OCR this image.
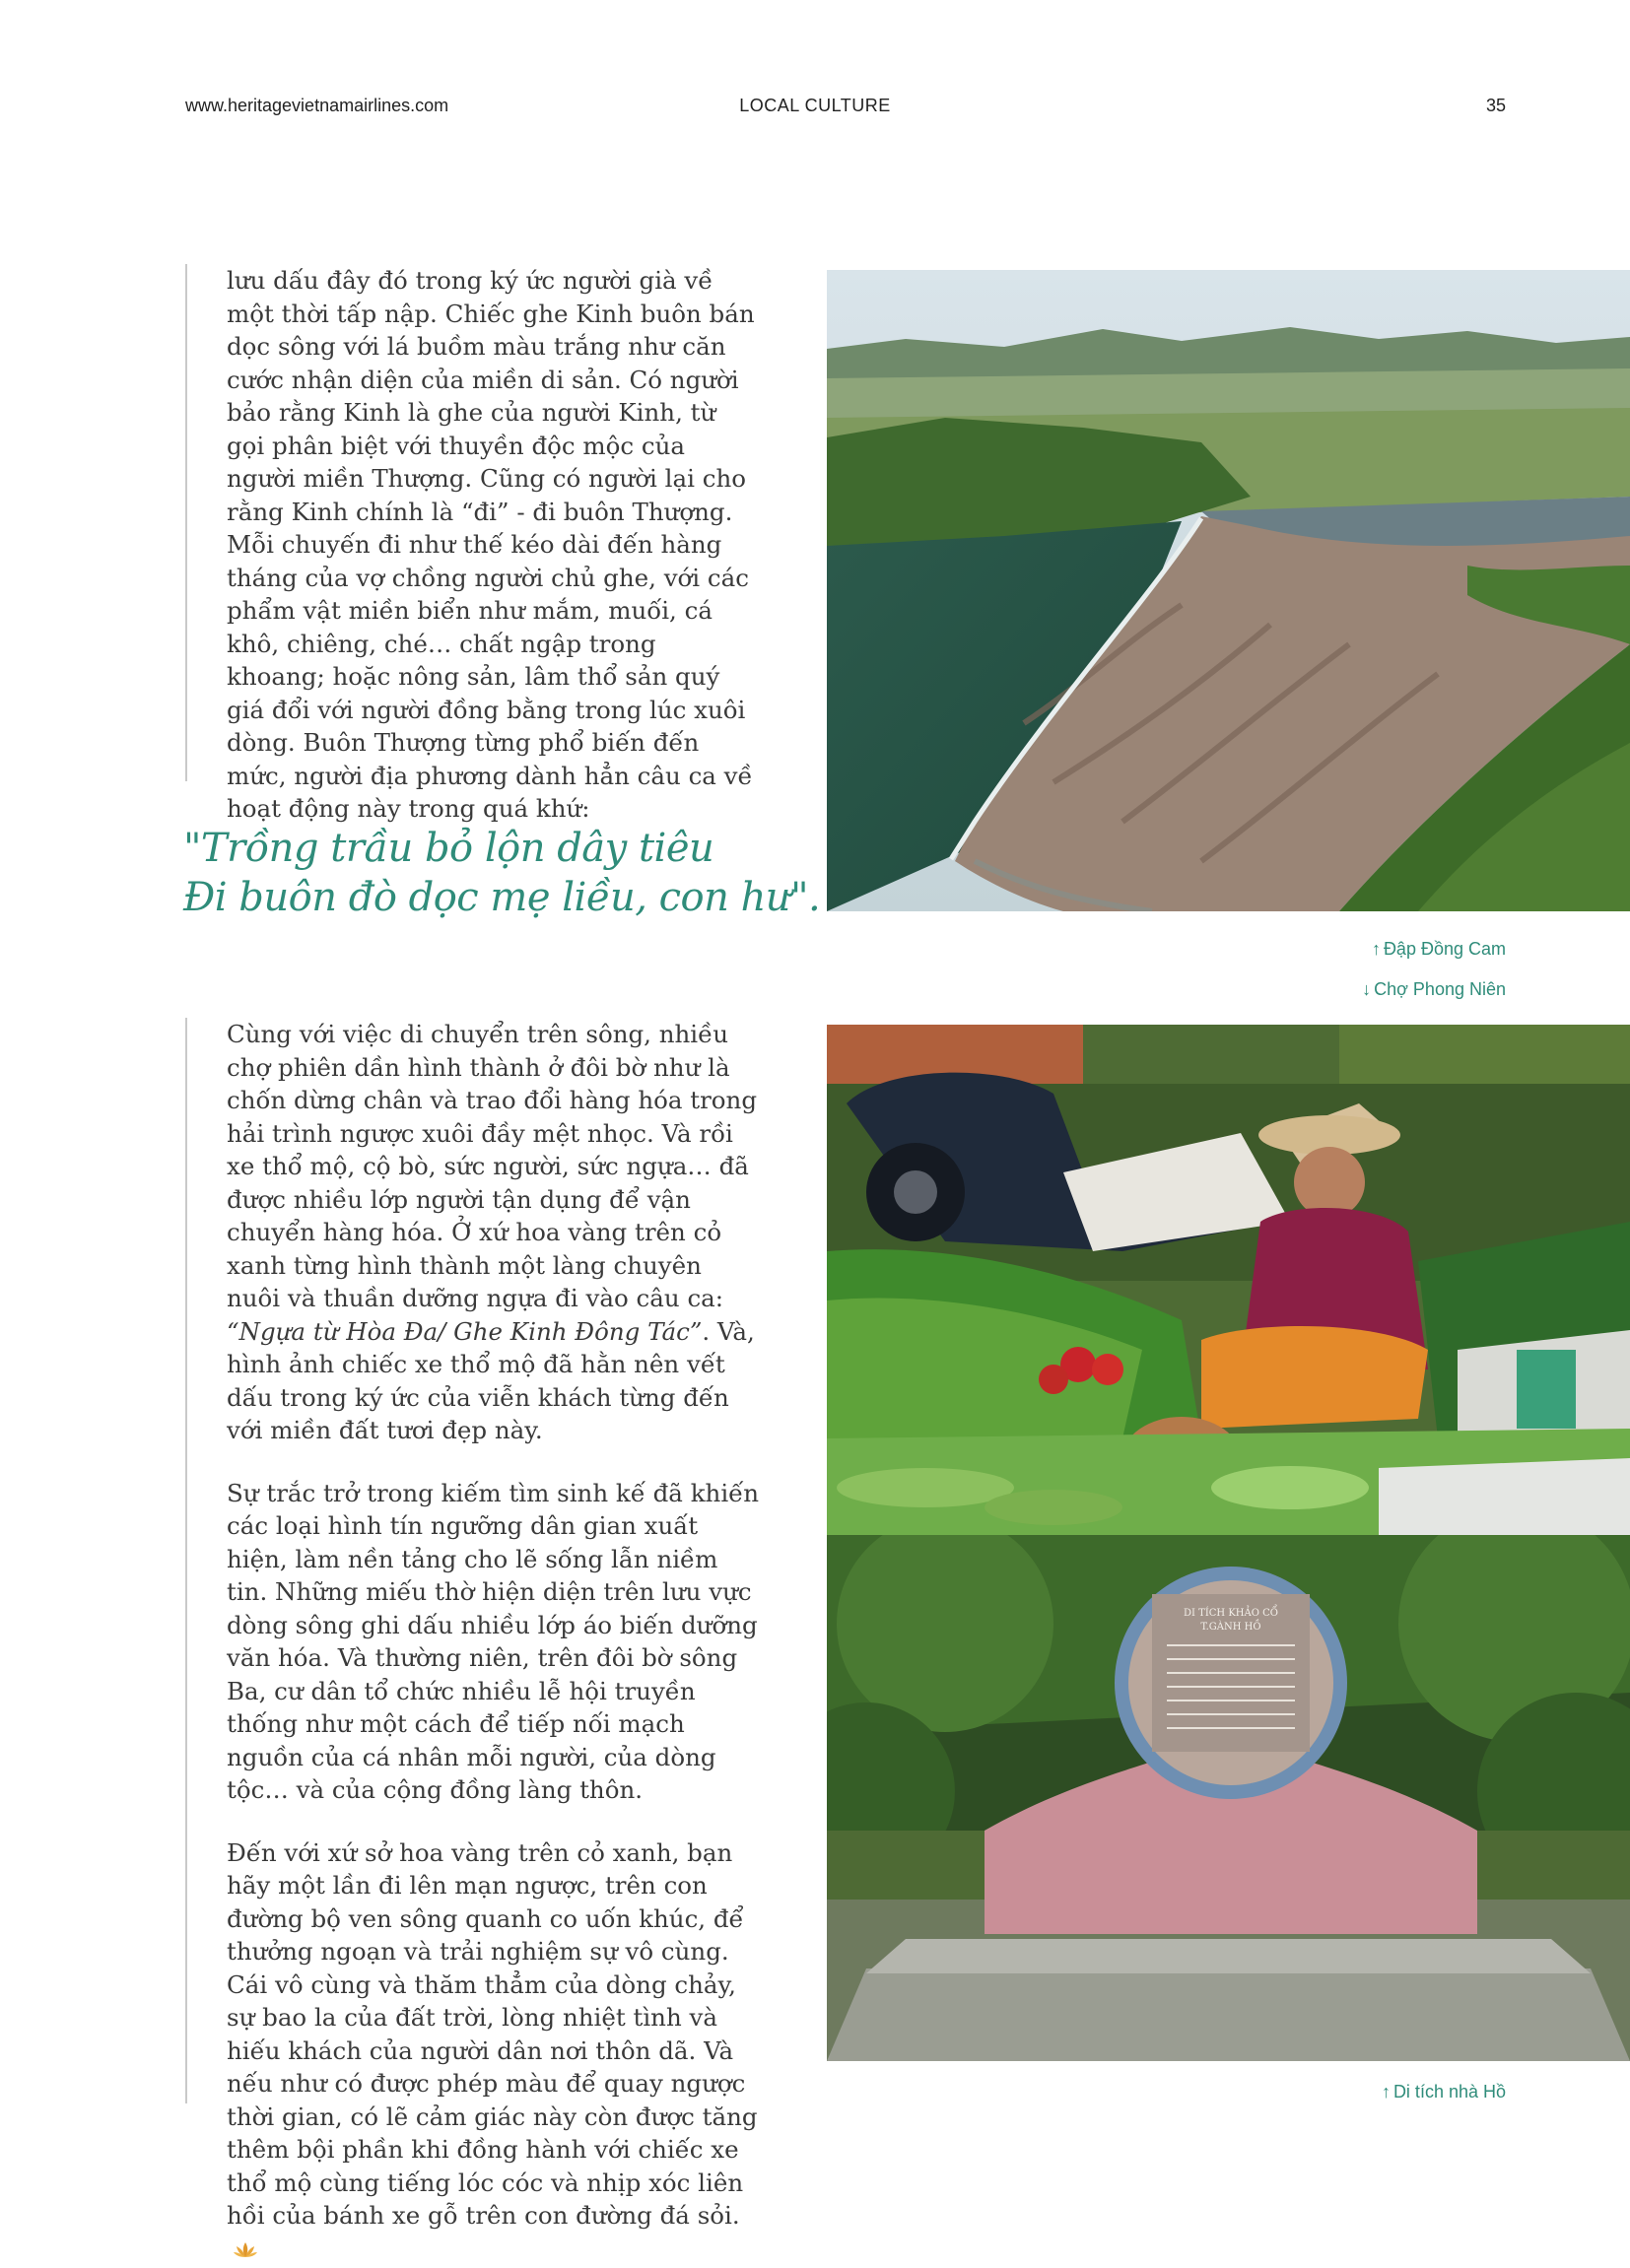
www.heritagevietnamairlines.com	LOCAL CULTURE	35

lưu dấu đây đó trong ký ức người già về một thời tấp nập. Chiếc ghe Kinh buôn bán dọc sông với lá buồm màu trắng như căn cước nhận diện của miền di sản. Có người bảo rằng Kinh là ghe của người Kinh, từ gọi phân biệt với thuyền độc mộc của người miền Thượng. Cũng có người lại cho rằng Kinh chính là “đi” - đi buôn Thượng. Mỗi chuyến đi như thế kéo dài đến hàng tháng của vợ chồng người chủ ghe, với các phẩm vật miền biển như mắm, muối, cá khô, chiêng, ché… chất ngập trong khoang; hoặc nông sản, lâm thổ sản quý giá đổi với người đồng bằng trong lúc xuôi dòng. Buôn Thượng từng phổ biến đến mức, người địa phương dành hẳn câu ca về hoạt động này trong quá khứ:

"Trồng trầu bỏ lộn dây tiêu
Đi buôn đò dọc mẹ liều, con hư".

Cùng với việc di chuyển trên sông, nhiều chợ phiên dần hình thành ở đôi bờ như là chốn dừng chân và trao đổi hàng hóa trong hải trình ngược xuôi đầy mệt nhọc. Và rồi xe thổ mộ, cộ bò, sức người, sức ngựa… đã được nhiều lớp người tận dụng để vận chuyển hàng hóa. Ở xứ hoa vàng trên cỏ xanh từng hình thành một làng chuyên nuôi và thuần dưỡng ngựa đi vào câu ca: “Ngựa từ Hòa Đa/ Ghe Kinh Đông Tác”. Và, hình ảnh chiếc xe thổ mộ đã hằn nên vết dấu trong ký ức của viễn khách từng đến với miền đất tươi đẹp này.

Sự trắc trở trong kiếm tìm sinh kế đã khiến các loại hình tín ngưỡng dân gian xuất hiện, làm nền tảng cho lẽ sống lẫn niềm tin. Những miếu thờ hiện diện trên lưu vực dòng sông ghi dấu nhiều lớp áo biến dưỡng văn hóa. Và thường niên, trên đôi bờ sông Ba, cư dân tổ chức nhiều lễ hội truyền thống như một cách để tiếp nối mạch nguồn của cá nhân mỗi người, của dòng tộc… và của cộng đồng làng thôn.

Đến với xứ sở hoa vàng trên cỏ xanh, bạn hãy một lần đi lên mạn ngược, trên con đường bộ ven sông quanh co uốn khúc, để thưởng ngoạn và trải nghiệm sự vô cùng. Cái vô cùng và thăm thẳm của dòng chảy, sự bao la của đất trời, lòng nhiệt tình và hiếu khách của người dân nơi thôn dã. Và nếu như có được phép màu để quay ngược thời gian, có lẽ cảm giác này còn được tăng thêm bội phần khi đồng hành với chiếc xe thổ mộ cùng tiếng lóc cóc và nhịp xóc liên hồi của bánh xe gỗ trên con đường đá sỏi.

↑ Đập Đồng Cam
↓ Chợ Phong Niên
DI TÍCH KHẢO CỔ
T.GÀNH HỒ
↑ Di tích nhà Hồ
